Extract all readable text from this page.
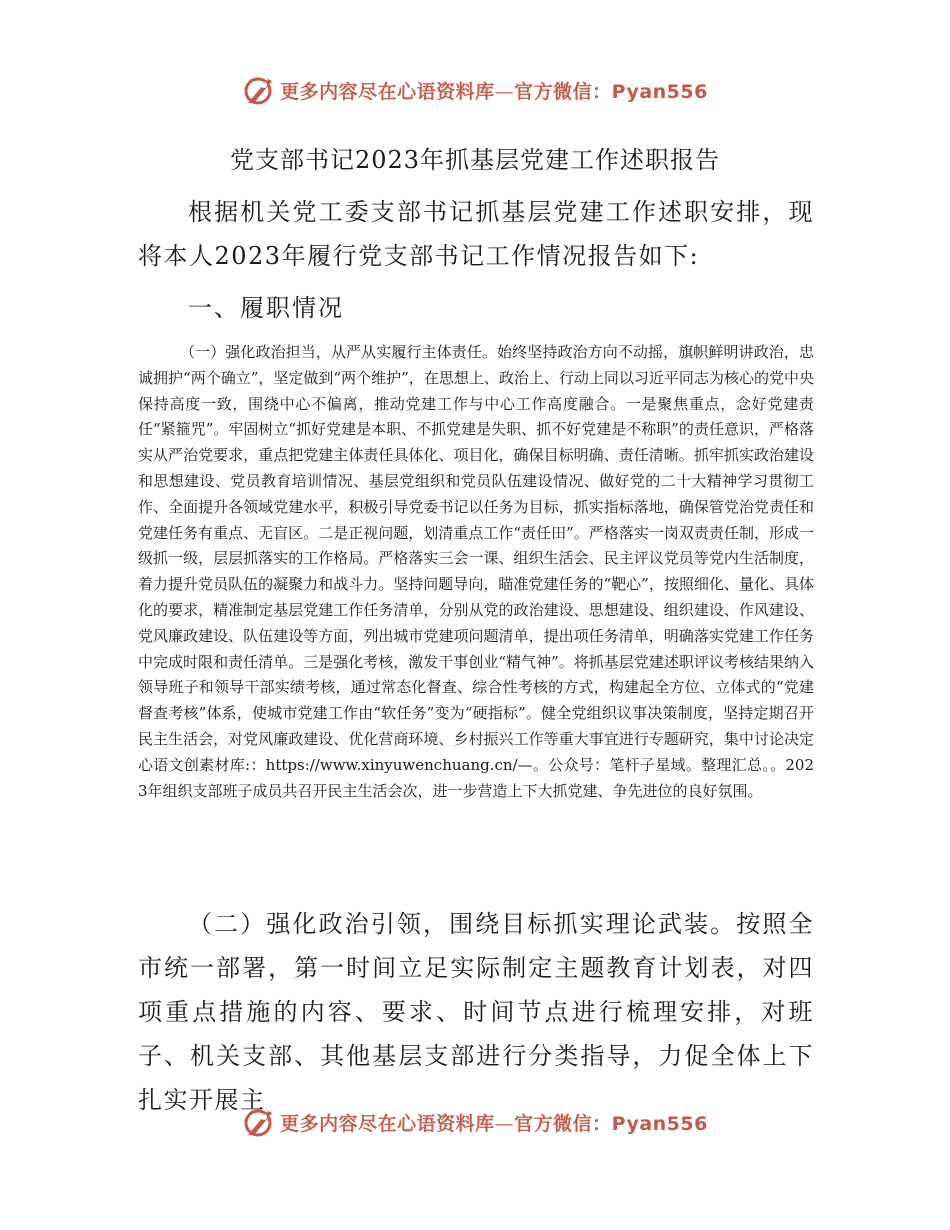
更多内容尽在心语资料库—官方微信：Pyan556
党支部书记2023年抓基层党建工作述职报告

根据机关党工委支部书记抓基层党建工作述职安排，现将本人2023年履行党支部书记工作情况报告如下:

一、履职情况

（一）强化政治担当，从严从实履行主体责任。始终坚持政治方向不动摇，旗帜鲜明讲政治，忠诚拥护“两个确立”，坚定做到“两个维护”，在思想上、政治上、行动上同以习近平同志为核心的党中央保持高度一致，围绕中心不偏离，推动党建工作与中心工作高度融合。一是聚焦重点，念好党建责任“紧箍咒”。牢固树立“抓好党建是本职、不抓党建是失职、抓不好党建是不称职”的责任意识，严格落实从严治党要求，重点把党建主体责任具体化、项目化，确保目标明确、责任清晰。抓牢抓实政治建设和思想建设、党员教育培训情况、基层党组织和党员队伍建设情况、做好党的二十大精神学习贯彻工作、全面提升各领域党建水平，积极引导党委书记以任务为目标，抓实指标落地，确保管党治党责任和党建任务有重点、无盲区。二是正视问题，划清重点工作“责任田”。严格落实一岗双责责任制，形成一级抓一级，层层抓落实的工作格局。严格落实三会一课、组织生活会、民主评议党员等党内生活制度，着力提升党员队伍的凝聚力和战斗力。坚持问题导向，瞄准党建任务的“靶心”，按照细化、量化、具体化的要求，精准制定基层党建工作任务清单，分别从党的政治建设、思想建设、组织建设、作风建设、党风廉政建设、队伍建设等方面，列出城市党建项问题清单，提出项任务清单，明确落实党建工作任务中完成时限和责任清单。三是强化考核，激发干事创业“精气神”。将抓基层党建述职评议考核结果纳入领导班子和领导干部实绩考核，通过常态化督查、综合性考核的方式，构建起全方位、立体式的“党建督查考核”体系，使城市党建工作由“软任务”变为“硬指标”。健全党组织议事决策制度，坚持定期召开民主生活会，对党风廉政建设、优化营商环境、乡村振兴工作等重大事宜进行专题研究，集中讨论决定心语文创素材库:：https://www.xinyuwenchuang.cn/—。公众号：笔杆子星域。整理汇总。。2023年组织支部班子成员共召开民主生活会次，进一步营造上下大抓党建、争先进位的良好氛围。

（二）强化政治引领，围绕目标抓实理论武装。按照全市统一部署，第一时间立足实际制定主题教育计划表，对四项重点措施的内容、要求、时间节点进行梳理安排，对班子、机关支部、其他基层支部进行分类指导，力促全体上下扎实开展主

更多内容尽在心语资料库—官方微信：Pyan556
